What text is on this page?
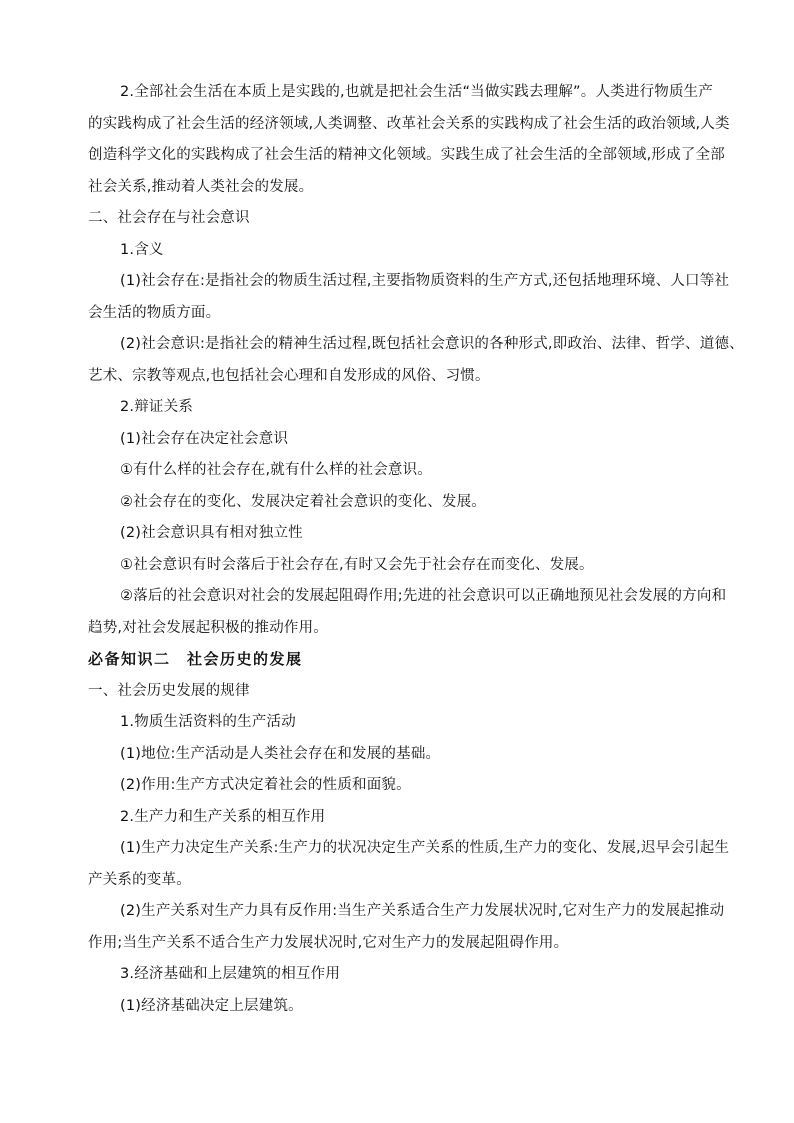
2.全部社会生活在本质上是实践的,也就是把社会生活“当做实践去理解”。人类进行物质生产
的实践构成了社会生活的经济领域,人类调整、改革社会关系的实践构成了社会生活的政治领域,人类
创造科学文化的实践构成了社会生活的精神文化领域。实践生成了社会生活的全部领域,形成了全部
社会关系,推动着人类社会的发展。
二、社会存在与社会意识
1.含义
(1)社会存在:是指社会的物质生活过程,主要指物质资料的生产方式,还包括地理环境、人口等社
会生活的物质方面。
(2)社会意识:是指社会的精神生活过程,既包括社会意识的各种形式,即政治、法律、哲学、道德、
艺术、宗教等观点,也包括社会心理和自发形成的风俗、习惯。
2.辩证关系
(1)社会存在决定社会意识
①有什么样的社会存在,就有什么样的社会意识。
②社会存在的变化、发展决定着社会意识的变化、发展。
(2)社会意识具有相对独立性
①社会意识有时会落后于社会存在,有时又会先于社会存在而变化、发展。
②落后的社会意识对社会的发展起阻碍作用;先进的社会意识可以正确地预见社会发展的方向和
趋势,对社会发展起积极的推动作用。
必备知识二　社会历史的发展
一、社会历史发展的规律
1.物质生活资料的生产活动
(1)地位:生产活动是人类社会存在和发展的基础。
(2)作用:生产方式决定着社会的性质和面貌。
2.生产力和生产关系的相互作用
(1)生产力决定生产关系:生产力的状况决定生产关系的性质,生产力的变化、发展,迟早会引起生
产关系的变革。
(2)生产关系对生产力具有反作用:当生产关系适合生产力发展状况时,它对生产力的发展起推动
作用;当生产关系不适合生产力发展状况时,它对生产力的发展起阻碍作用。
3.经济基础和上层建筑的相互作用
(1)经济基础决定上层建筑。
